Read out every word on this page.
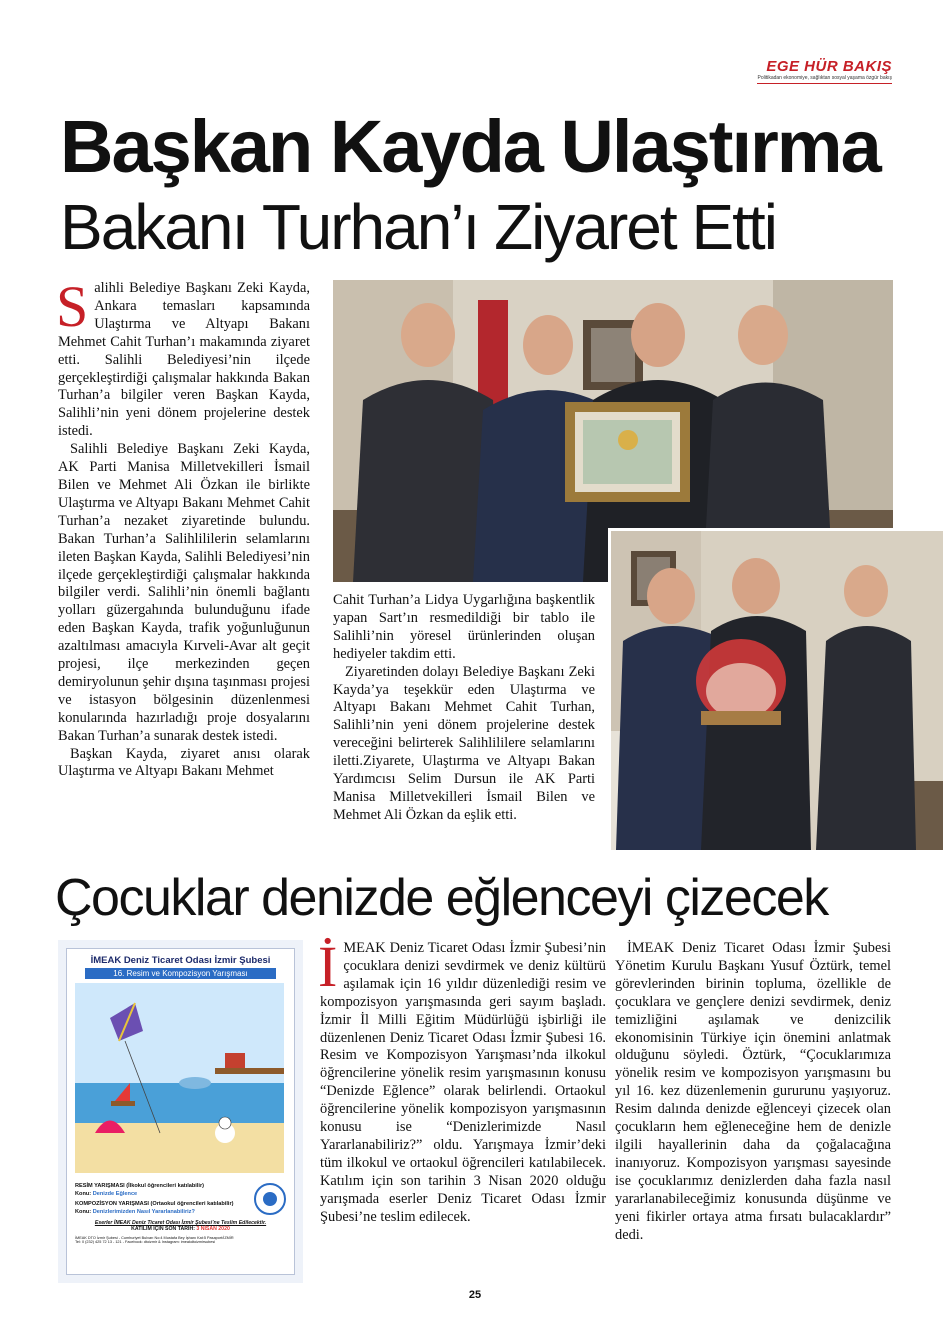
EGE HÜR BAKIŞ
Politikadan ekonomiye, sağlıktan sosyal yaşama özgür bakış
Başkan Kayda Ulaştırma
Bakanı Turhan’ı Ziyaret Etti
S alihli Belediye Başkanı Zeki Kayda, Ankara temasları kapsamında Ulaştırma ve Altyapı Bakanı Mehmet Cahit Turhan’ı makamında ziyaret etti. Salihli Belediyesi’nin ilçede gerçekleştirdiği çalışmalar hakkında Bakan Turhan’a bilgiler veren Başkan Kayda, Salihli’nin yeni dönem projelerine destek istedi.

Salihli Belediye Başkanı Zeki Kayda, AK Parti Manisa Milletvekilleri İsmail Bilen ve Mehmet Ali Özkan ile birlikte Ulaştırma ve Altyapı Bakanı Mehmet Cahit Turhan’a nezaket ziyaretinde bulundu. Bakan Turhan’a Salihlililerin selamlarını ileten Başkan Kayda, Salihli Belediyesi’nin ilçede gerçekleştirdiği çalışmalar hakkında bilgiler verdi. Salihli’nin önemli bağlantı yolları güzergahında bulunduğunu ifade eden Başkan Kayda, trafik yoğunluğunun azaltılması amacıyla Kırveli-Avar alt geçit projesi, ilçe merkezinden geçen demiryolunun şehir dışına taşınması projesi ve istasyon bölgesinin düzenlenmesi konularında hazırladığı proje dosyalarını Bakan Turhan’a sunarak destek istedi.

Başkan Kayda, ziyaret anısı olarak Ulaştırma ve Altyapı Bakanı Mehmet

Cahit Turhan’a Lidya Uygarlığına başkentlik yapan Sart’ın resmedildiği bir tablo ile Salihli’nin yöresel ürünlerinden oluşan hediyeler takdim etti.

Ziyaretinden dolayı Belediye Başkanı Zeki Kayda’ya teşekkür eden Ulaştırma ve Altyapı Bakanı Mehmet Cahit Turhan, Salihli’nin yeni dönem projelerine destek vereceğini belirterek Salihlililere selamlarını iletti.Ziyarete, Ulaştırma ve Altyapı Bakan Yardımcısı Selim Dursun ile AK Parti Manisa Milletvekilleri İsmail Bilen ve Mehmet Ali Özkan da eşlik etti.

Çocuklar denizde eğlenceyi çizecek
İMEAK Deniz Ticaret Odası İzmir Şubesi
16. Resim ve Kompozisyon Yarışması
RESİM YARIŞMASI (İlkokul öğrencileri katılabilir)
Konu: Denizde Eğlence
KOMPOZİSYON YARIŞMASI (Ortaokul öğrencileri katılabilir)
Konu: Denizlerimizden Nasıl Yararlanabiliriz?
Eserler İMEAK Deniz Ticaret Odası İzmir Şubesi’ne Teslim Edilecektir.
KATILIM İÇİN SON TARİH: 3 NİSAN 2020
İMEAK DTO İzmir Şubesi - Cumhuriyet Bulvarı No:4 Mustafa Bey İşhanı Kat:5 Pasaport/İZMİR
Tel: 0 (232) 425 72 13 - 121 - Facebook: dtoizmir & Instagram: imeakdtoizmirsubesi
İ MEAK Deniz Ticaret Odası İzmir Şubesi’nin çocuklara denizi sevdirmek ve deniz kültürü aşılamak için 16 yıldır düzenlediği resim ve kompozisyon yarışmasında geri sayım başladı. İzmir İl Milli Eğitim Müdürlüğü işbirliği ile düzenlenen Deniz Ticaret Odası İzmir Şubesi 16. Resim ve Kompozisyon Yarışması’nda ilkokul öğrencilerine yönelik resim yarışmasının konusu “Denizde Eğlence” olarak belirlendi. Ortaokul öğrencilerine yönelik kompozisyon yarışmasının konusu ise “Denizlerimizde Nasıl Yararlanabiliriz?” oldu. Yarışmaya İzmir’deki tüm ilkokul ve ortaokul öğrencileri katılabilecek. Katılım için son tarihin 3 Nisan 2020 olduğu yarışmada eserler Deniz Ticaret Odası İzmir Şubesi’ne teslim edilecek.

İMEAK Deniz Ticaret Odası İzmir Şubesi Yönetim Kurulu Başkanı Yusuf Öztürk, temel görevlerinden birinin topluma, özellikle de çocuklara ve gençlere denizi sevdirmek, deniz temizliğini aşılamak ve denizcilik ekonomisinin Türkiye için önemini anlatmak olduğunu söyledi. Öztürk, “Çocuklarımıza yönelik resim ve kompozisyon yarışmasını bu yıl 16. kez düzenlemenin gururunu yaşıyoruz. Resim dalında denizde eğlenceyi çizecek olan çocukların hem eğleneceğine hem de denizle ilgili hayallerinin daha da çoğalacağına inanıyoruz. Kompozisyon yarışması sayesinde ise çocuklarımız denizlerden daha fazla nasıl yararlanabileceğimiz konusunda düşünme ve yeni fikirler ortaya atma fırsatı bulacaklardır” dedi.

25
